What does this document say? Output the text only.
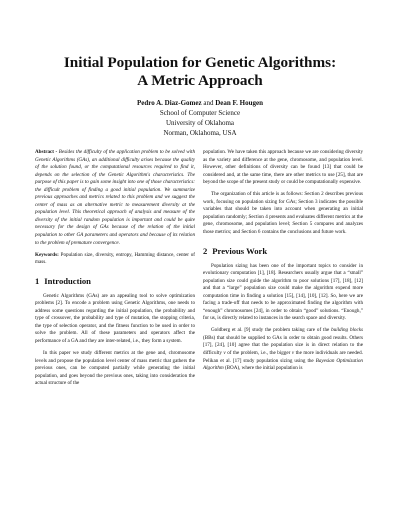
Initial Population for Genetic Algorithms:
A Metric Approach
Pedro A. Diaz-Gomez and Dean F. Hougen
School of Computer Science
University of Oklahoma
Norman, Oklahoma, USA

Abstract - Besides the difficulty of the application problem to be solved with Genetic Algorithms (GAs), an additional difficulty arises because the quality of the solution found, or the computational resources required to find it, depends on the selection of the Genetic Algorithm's characteristics. The purpose of this paper is to gain some insight into one of those characteristics: the difficult problem of finding a good initial population. We summarize previous approaches and metrics related to this problem and we suggest the center of mass as an alternative metric to measurement diversity at the population level. This theoretical approach of analysis and measure of the diversity of the initial random population is important and could be quite necessary for the design of GAs because of the relation of the initial population to other GA parameters and operators and because of its relation to the problem of premature convergence.

Keywords: Population size, diversity, entropy, Hamming distance, center of mass.

1 Introduction

Genetic Algorithms (GAs) are an appealing tool to solve optimization problems [2]. To encode a problem using Genetic Algorithms, one needs to address some questions regarding the initial population, the probability and type of crossover, the probability and type of mutation, the stopping criteria, the type of selection operator, and the fitness function to be used in order to solve the problem. All of these parameters and operators affect the performance of a GA and they are inter-related, i.e., they form a system.

In this paper we study different metrics at the gene and, chromosome levels and propose the population level center of mass metric that gathers the previous ones, can be computed partially while generating the initial population, and goes beyond the previous ones, taking into consideration the actual structure of the

population. We have taken this approach because we are considering diversity as the variety and difference at the gene, chromosome, and population level. However, other definitions of diversity can be found [13] that could be considered and, at the same time, there are other metrics to use [25], that are beyond the scope of the present study or could be computationally expensive.

The organization of this article is as follows: Section 2 describes previous work, focusing on population sizing for GAs; Section 3 indicates the possible variables that should be taken into account when generating an initial population randomly; Section 4 presents and evaluates different metrics at the gene, chromosome, and population level; Section 5 compares and analyzes those metrics; and Section 6 contains the conclusions and future work.

2 Previous Work

Population sizing has been one of the important topics to consider in evolutionary computation [1], [18]. Researchers usually argue that a “small” population size could guide the algorithm to poor solutions [17], [18], [12] and that a “large” population size could make the algorithm expend more computation time in finding a solution [15], [14], [10], [12]. So, here we are facing a trade-off that needs to be approximated finding the algorithm with “enough” chromosomes [24], in order to obtain “good” solutions. “Enough,” for us, is directly related to instances in the search space and diversity.

Goldberg et al. [9] study the problem taking care of the building blocks (BBs) that should be supplied to GAs in order to obtain good results. Others [17], [24], [10] agree that the population size is in direct relation to the difficulty v of the problem, i.e., the bigger v the more individuals are needed. Pelikan et al. [17] study population sizing using the Bayesian Optimization Algorithm (BOA), where the initial population is
